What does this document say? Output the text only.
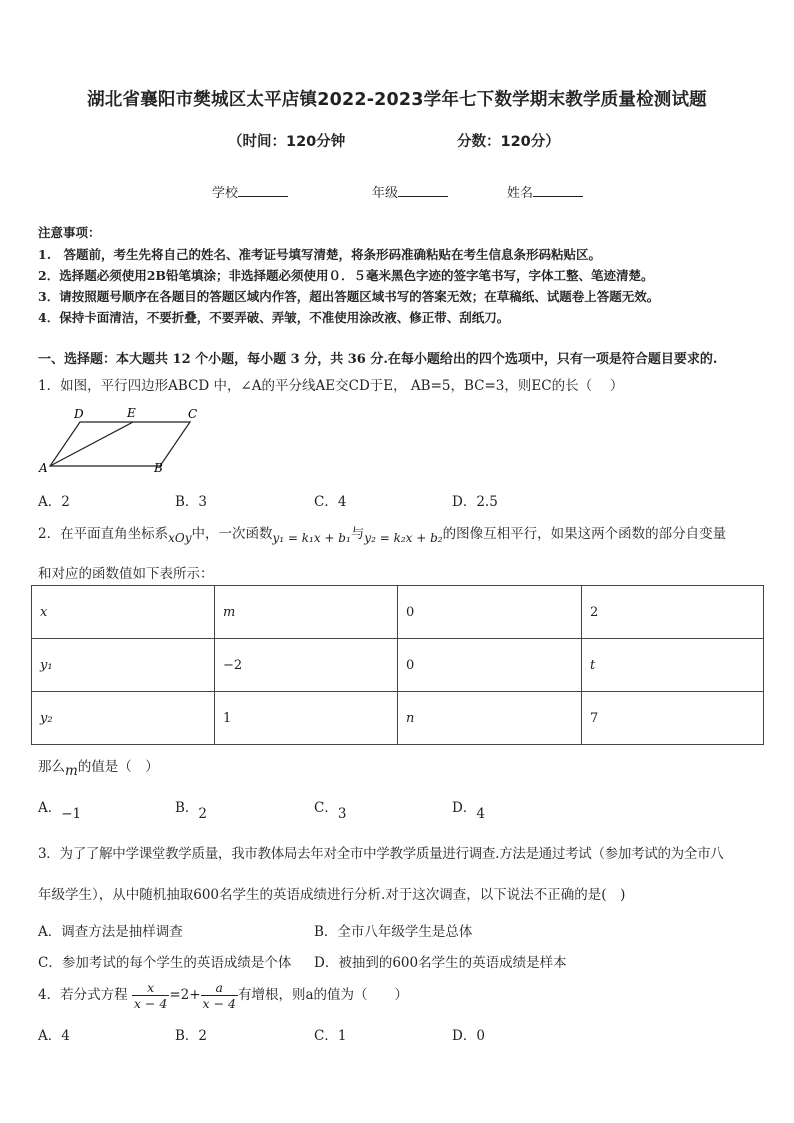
湖北省襄阳市樊城区太平店镇2022-2023学年七下数学期末教学质量检测试题
（时间：120分钟	分数：120分）
学校	年级	姓名
注意事项：
1.　答题前，考生先将自己的姓名、准考证号填写清楚，将条形码准确粘贴在考生信息条形码粘贴区。
2．选择题必须使用2B铅笔填涂；非选择题必须使用０．５毫米黑色字迹的签字笔书写，字体工整、笔迹清楚。
3．请按照题号顺序在各题目的答题区域内作答，超出答题区域书写的答案无效；在草稿纸、试题卷上答题无效。
4．保持卡面清洁，不要折叠，不要弄破、弄皱，不准使用涂改液、修正带、刮纸刀。
一、选择题：本大题共 12 个小题，每小题 3 分，共 36 分.在每小题给出的四个选项中，只有一项是符合题目要求的.
1．如图，平行四边形ABCD 中，∠A的平分线AE交CD于E， AB=5，BC=3，则EC的长（　 ）
D	E	C
A	B
A．2	B．3	C．4	D．2.5
2．在平面直角坐标系xOy中，一次函数y₁ = k₁x + b₁与y₂ = k₂x + b₂的图像互相平行，如果这两个函数的部分自变量
和对应的函数值如下表所示：
x	m	0	2
y₁	−2	0	t
y₂	1	n	7
那么m的值是（　）
A．−1	B．2	C．3	D．4
3．为了了解中学课堂教学质量，我市教体局去年对全市中学教学质量进行调查.方法是通过考试（参加考试的为全市八
年级学生），从中随机抽取600名学生的英语成绩进行分析.对于这次调查，以下说法不正确的是(　)
A．调查方法是抽样调查	B．全市八年级学生是总体
C．参加考试的每个学生的英语成绩是个体 D．被抽到的600名学生的英语成绩是样本
4．若分式方程 $\frac{x}{x - 4} =2+ \frac{a}{x - 4}$ 有增根，则a的值为（　　）
A．4	B．2	C．1	D．0
